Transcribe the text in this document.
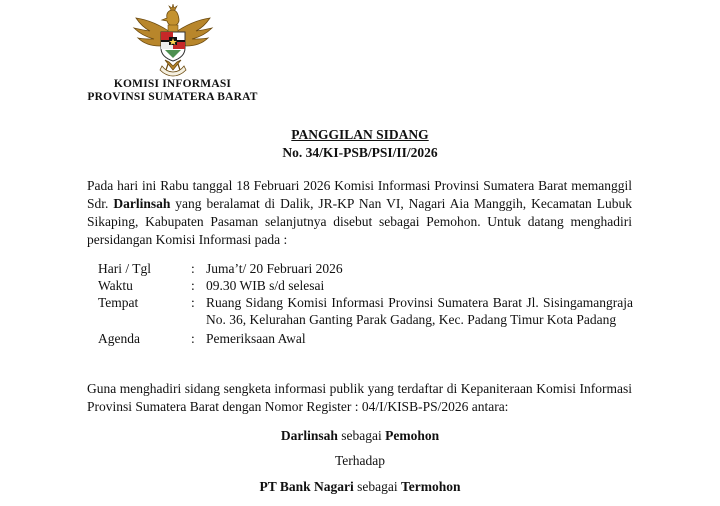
KOMISI INFORMASI
PROVINSI SUMATERA BARAT
PANGGILAN SIDANG
No. 34/KI-PSB/PSI/II/2026
Pada hari ini Rabu tanggal 18 Februari 2026 Komisi Informasi Provinsi Sumatera Barat memanggil Sdr. Darlinsah yang beralamat di Dalik, JR-KP Nan VI, Nagari Aia Manggih, Kecamatan Lubuk Sikaping, Kabupaten Pasaman selanjutnya disebut sebagai Pemohon. Untuk datang menghadiri persidangan Komisi Informasi pada :
Hari / Tgl	: Juma’t/ 20 Februari 2026
Waktu	: 09.30 WIB s/d selesai
Tempat	: Ruang Sidang Komisi Informasi Provinsi Sumatera Barat Jl. Sisingamangraja No. 36, Kelurahan Ganting Parak Gadang, Kec. Padang Timur Kota Padang
Agenda	: Pemeriksaan Awal
Guna menghadiri sidang sengketa informasi publik yang terdaftar di Kepaniteraan Komisi Informasi Provinsi Sumatera Barat dengan Nomor Register : 04/I/KISB-PS/2026 antara:
Darlinsah sebagai Pemohon
Terhadap
PT Bank Nagari sebagai Termohon
